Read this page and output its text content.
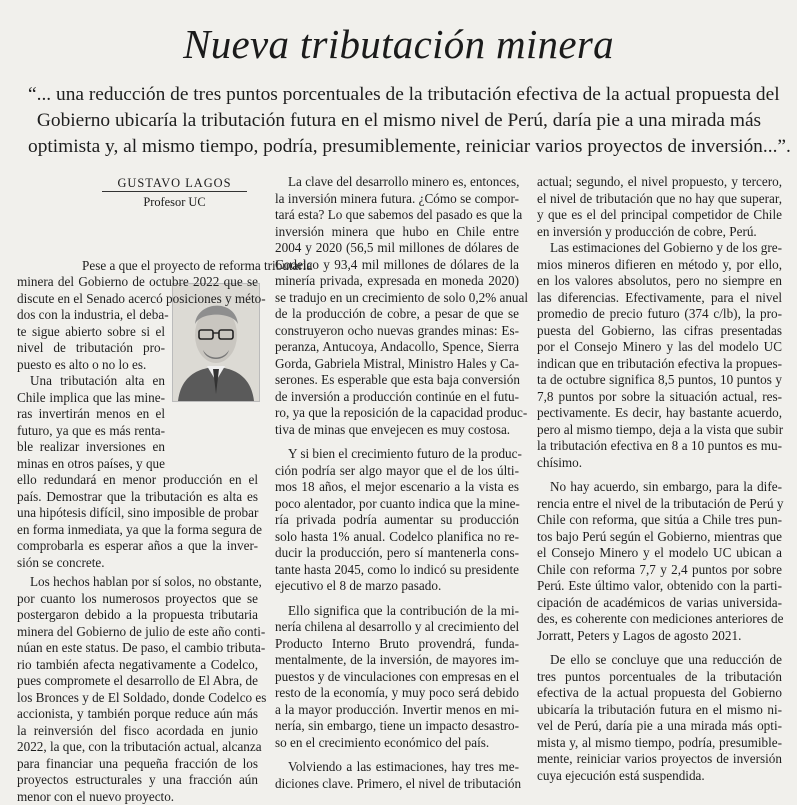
Nueva tributación minera

“... una reducción de tres puntos porcentuales de la tributación efectiva de la actual propuesta del

Gobierno ubicaría la tributación futura en el mismo nivel de Perú, daría pie a una mirada más

optimista y, al mismo tiempo, podría, presumiblemente, reiniciar varios proyectos de inversión...”.

GUSTAVO LAGOS
Profesor UC

Pese a que el proyecto de reforma tributaria

minera del Gobierno de octubre 2022 que se

discute en el Senado acercó posiciones y méto-

dos con la industria, el deba-

te sigue abierto sobre si el

nivel de tributación pro-

puesto es alto o no lo es.

Una tributación alta en

Chile implica que las mine-

ras invertirán menos en el

futuro, ya que es más renta-

ble realizar inversiones en

minas en otros países, y que

ello redundará en menor producción en el

país. Demostrar que la tributación es alta es

una hipótesis difícil, sino imposible de probar

en forma inmediata, ya que la forma segura de

comprobarla es esperar años a que la inver-

sión se concrete.

Los hechos hablan por sí solos, no obstante,

por cuanto los numerosos proyectos que se

postergaron debido a la propuesta tributaria

minera del Gobierno de julio de este año conti-

núan en este status. De paso, el cambio tributa-

rio también afecta negativamente a Codelco,

pues compromete el desarrollo de El Abra, de

los Bronces y de El Soldado, donde Codelco es

accionista, y también porque reduce aún más

la reinversión del fisco acordada en junio

2022, la que, con la tributación actual, alcanza

para financiar una pequeña fracción de los

proyectos estructurales y una fracción aún

menor con el nuevo proyecto.

La clave del desarrollo minero es, entonces,

la inversión minera futura. ¿Cómo se compor-

tará esta? Lo que sabemos del pasado es que la

inversión minera que hubo en Chile entre

2004 y 2020 (56,5 mil millones de dólares de

Codelco y 93,4 mil millones de dólares de la

minería privada, expresada en moneda 2020)

se tradujo en un crecimiento de solo 0,2% anual

de la producción de cobre, a pesar de que se

construyeron ocho nuevas grandes minas: Es-

peranza, Antucoya, Andacollo, Spence, Sierra

Gorda, Gabriela Mistral, Ministro Hales y Ca-

serones. Es esperable que esta baja conversión

de inversión a producción continúe en el futu-

ro, ya que la reposición de la capacidad produc-

tiva de minas que envejecen es muy costosa.

Y si bien el crecimiento futuro de la produc-

ción podría ser algo mayor que el de los últi-

mos 18 años, el mejor escenario a la vista es

poco alentador, por cuanto indica que la mine-

ría privada podría aumentar su producción

solo hasta 1% anual. Codelco planifica no re-

ducir la producción, pero sí mantenerla cons-

tante hasta 2045, como lo indicó su presidente

ejecutivo el 8 de marzo pasado.

Ello significa que la contribución de la mi-

nería chilena al desarrollo y al crecimiento del

Producto Interno Bruto provendrá, funda-

mentalmente, de la inversión, de mayores im-

puestos y de vinculaciones con empresas en el

resto de la economía, y muy poco será debido

a la mayor producción. Invertir menos en mi-

nería, sin embargo, tiene un impacto desastro-

so en el crecimiento económico del país.

Volviendo a las estimaciones, hay tres me-

diciones clave. Primero, el nivel de tributación

actual; segundo, el nivel propuesto, y tercero,

el nivel de tributación que no hay que superar,

y que es el del principal competidor de Chile

en inversión y producción de cobre, Perú.

Las estimaciones del Gobierno y de los gre-

mios mineros difieren en método y, por ello,

en los valores absolutos, pero no siempre en

las diferencias. Efectivamente, para el nivel

promedio de precio futuro (374 c/lb), la pro-

puesta del Gobierno, las cifras presentadas

por el Consejo Minero y las del modelo UC

indican que en tributación efectiva la propues-

ta de octubre significa 8,5 puntos, 10 puntos y

7,8 puntos por sobre la situación actual, res-

pectivamente. Es decir, hay bastante acuerdo,

pero al mismo tiempo, deja a la vista que subir

la tributación efectiva en 8 a 10 puntos es mu-

chísimo.

No hay acuerdo, sin embargo, para la dife-

rencia entre el nivel de la tributación de Perú y

Chile con reforma, que sitúa a Chile tres pun-

tos bajo Perú según el Gobierno, mientras que

el Consejo Minero y el modelo UC ubican a

Chile con reforma 7,7 y 2,4 puntos por sobre

Perú. Este último valor, obtenido con la parti-

cipación de académicos de varias universida-

des, es coherente con mediciones anteriores de

Jorratt, Peters y Lagos de agosto 2021.

De ello se concluye que una reducción de

tres puntos porcentuales de la tributación

efectiva de la actual propuesta del Gobierno

ubicaría la tributación futura en el mismo ni-

vel de Perú, daría pie a una mirada más opti-

mista y, al mismo tiempo, podría, presumible-

mente, reiniciar varios proyectos de inversión

cuya ejecución está suspendida.
